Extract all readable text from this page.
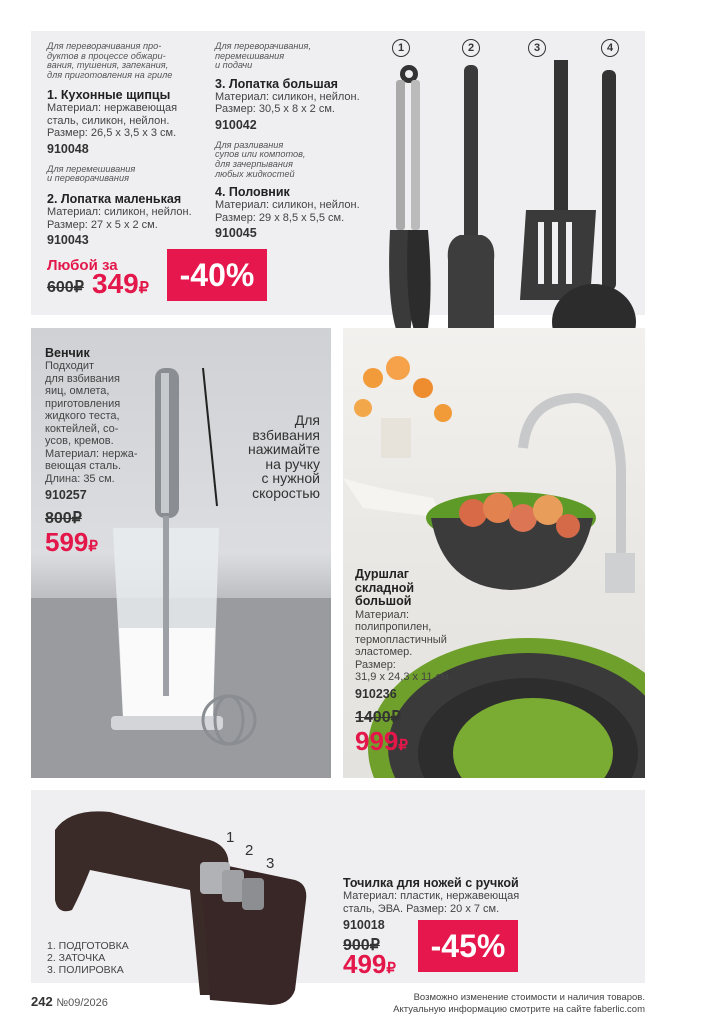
Для переворачивания про-
дуктов в процессе обжари-
вания, тушения, запекания,
для приготовления на гриле
1. Кухонные щипцы
Материал: нержавеющая
сталь, силикон, нейлон.
Размер: 26,5 x 3,5 x 3 см.
910048
Для перемешивания
и переворачивания
2. Лопатка маленькая
Материал: силикон, нейлон.
Размер: 27 x 5 x 2 см.
910043
Для переворачивания,
перемешивания
и подачи
3. Лопатка большая
Материал: силикон, нейлон.
Размер: 30,5 x 8 x 2 см.
910042
Для разливания
супов или компотов,
для зачерпывания
любых жидкостей
4. Половник
Материал: силикон, нейлон.
Размер: 29 x 8,5 x 5,5 см.
910045
Любой за
600₽ 349₽ -40%
1	2	3	4
Венчик
Подходит
для взбивания
яиц, омлета,
приготовления
жидкого теста,
коктейлей, со-
усов, кремов.
Материал: нержа-
веющая сталь.
Длина: 35 см.
910257
800₽
599₽
Для
взбивания
нажимайте
на ручку
с нужной
скоростью
Дуршлаг
складной
большой
Материал:
полипропилен,
термопластичный
эластомер.
Размер:
31,9 x 24,3 x 11 см.
910236
1400₽
999₽
1
2
3
1. ПОДГОТОВКА
2. ЗАТОЧКА
3. ПОЛИРОВКА
Точилка для ножей с ручкой
Материал: пластик, нержавеющая
сталь, ЭВА. Размер: 20 x 7 см.
910018
900₽
499₽
-45%
242 №09/2026	Возможно изменение стоимости и наличия товаров.
Актуальную информацию смотрите на сайте faberlic.com
